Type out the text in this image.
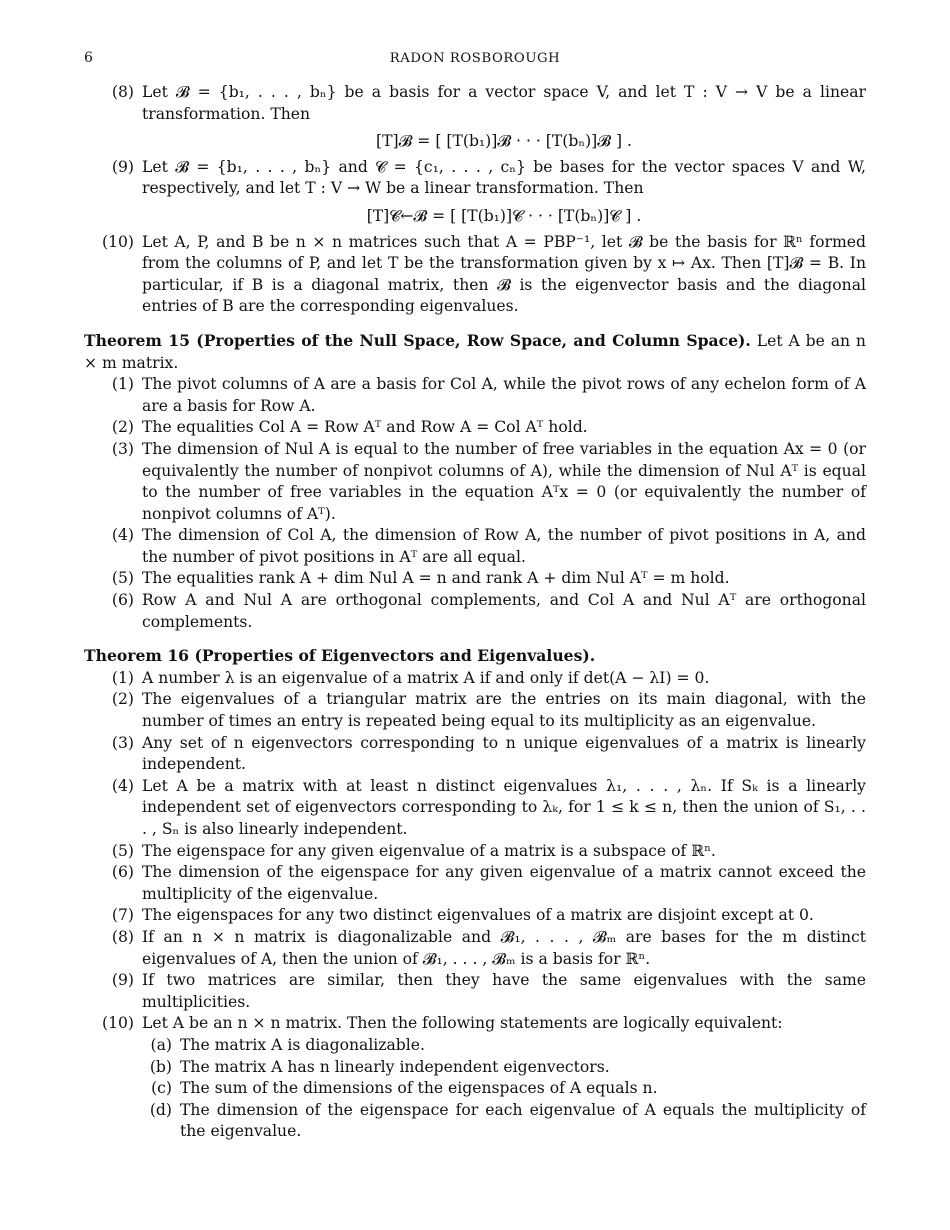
6	RADON ROSBOROUGH
(8) Let 𝓑 = {b₁, . . . , bₙ} be a basis for a vector space V, and let T : V → V be a linear transformation. Then
[T]𝓑 = [ [T(b₁)]𝓑 · · · [T(bₙ)]𝓑 ] .
(9) Let 𝓑 = {b₁, . . . , bₙ} and 𝓒 = {c₁, . . . , cₙ} be bases for the vector spaces V and W, respectively, and let T : V → W be a linear transformation. Then
[T]𝓒←𝓑 = [ [T(b₁)]𝓒 · · · [T(bₙ)]𝓒 ] .
(10) Let A, P, and B be n × n matrices such that A = PBP⁻¹, let 𝓑 be the basis for ℝⁿ formed from the columns of P, and let T be the transformation given by x ↦ Ax. Then [T]𝓑 = B. In particular, if B is a diagonal matrix, then 𝓑 is the eigenvector basis and the diagonal entries of B are the corresponding eigenvalues.
Theorem 15 (Properties of the Null Space, Row Space, and Column Space). Let A be an n × m matrix.
(1) The pivot columns of A are a basis for Col A, while the pivot rows of any echelon form of A are a basis for Row A.
(2) The equalities Col A = Row Aᵀ and Row A = Col Aᵀ hold.
(3) The dimension of Nul A is equal to the number of free variables in the equation Ax = 0 (or equivalently the number of nonpivot columns of A), while the dimension of Nul Aᵀ is equal to the number of free variables in the equation Aᵀx = 0 (or equivalently the number of nonpivot columns of Aᵀ).
(4) The dimension of Col A, the dimension of Row A, the number of pivot positions in A, and the number of pivot positions in Aᵀ are all equal.
(5) The equalities rank A + dim Nul A = n and rank A + dim Nul Aᵀ = m hold.
(6) Row A and Nul A are orthogonal complements, and Col A and Nul Aᵀ are orthogonal complements.
Theorem 16 (Properties of Eigenvectors and Eigenvalues).
(1) A number λ is an eigenvalue of a matrix A if and only if det(A − λI) = 0.
(2) The eigenvalues of a triangular matrix are the entries on its main diagonal, with the number of times an entry is repeated being equal to its multiplicity as an eigenvalue.
(3) Any set of n eigenvectors corresponding to n unique eigenvalues of a matrix is linearly independent.
(4) Let A be a matrix with at least n distinct eigenvalues λ₁, . . . , λₙ. If Sₖ is a linearly independent set of eigenvectors corresponding to λₖ, for 1 ≤ k ≤ n, then the union of S₁, . . . , Sₙ is also linearly independent.
(5) The eigenspace for any given eigenvalue of a matrix is a subspace of ℝⁿ.
(6) The dimension of the eigenspace for any given eigenvalue of a matrix cannot exceed the multiplicity of the eigenvalue.
(7) The eigenspaces for any two distinct eigenvalues of a matrix are disjoint except at 0.
(8) If an n × n matrix is diagonalizable and 𝓑₁, . . . , 𝓑ₘ are bases for the m distinct eigenvalues of A, then the union of 𝓑₁, . . . , 𝓑ₘ is a basis for ℝⁿ.
(9) If two matrices are similar, then they have the same eigenvalues with the same multiplicities.
(10) Let A be an n × n matrix. Then the following statements are logically equivalent:
(a) The matrix A is diagonalizable.
(b) The matrix A has n linearly independent eigenvectors.
(c) The sum of the dimensions of the eigenspaces of A equals n.
(d) The dimension of the eigenspace for each eigenvalue of A equals the multiplicity of the eigenvalue.
